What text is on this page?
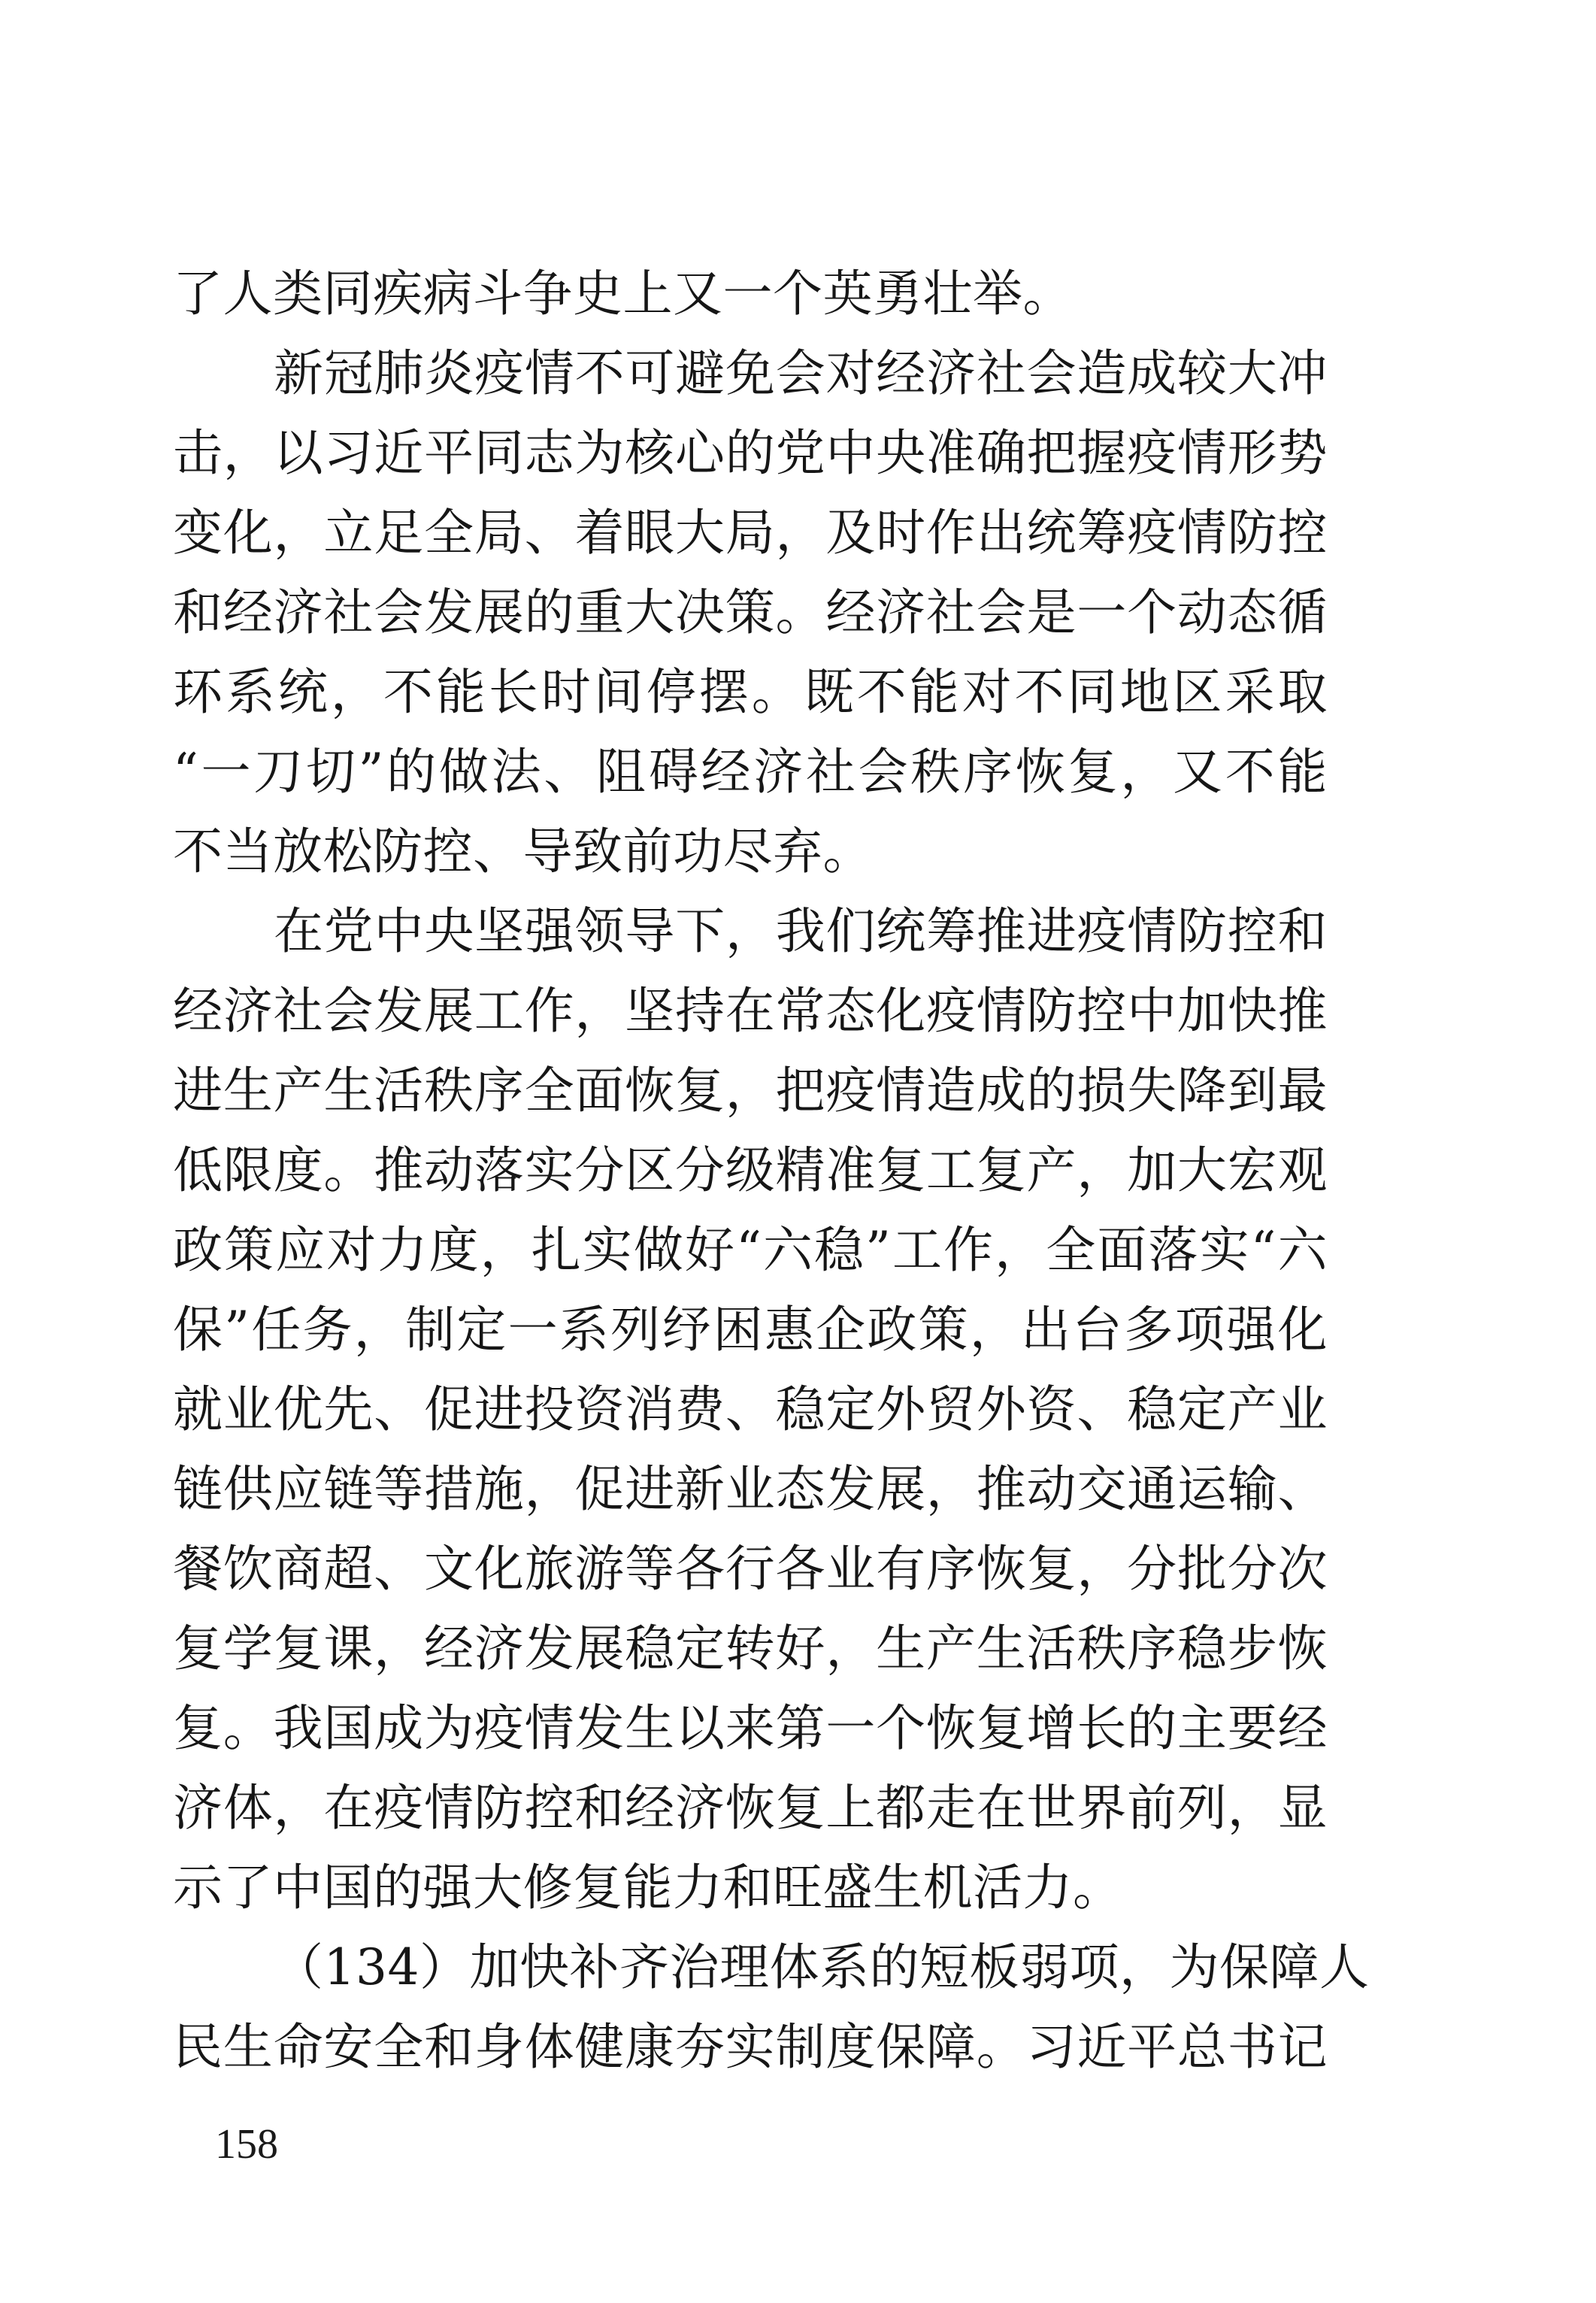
了人类同疾病斗争史上又一个英勇壮举。
新冠肺炎疫情不可避免会对经济社会造成较大冲
击，以习近平同志为核心的党中央准确把握疫情形势
变化，立足全局、着眼大局，及时作出统筹疫情防控
和经济社会发展的重大决策。经济社会是一个动态循
环系统，不能长时间停摆。既不能对不同地区采取
“一刀切”的做法、阻碍经济社会秩序恢复，又不能
不当放松防控、导致前功尽弃。
在党中央坚强领导下，我们统筹推进疫情防控和
经济社会发展工作，坚持在常态化疫情防控中加快推
进生产生活秩序全面恢复，把疫情造成的损失降到最
低限度。推动落实分区分级精准复工复产，加大宏观
政策应对力度，扎实做好“六稳”工作，全面落实“六
保”任务，制定一系列纾困惠企政策，出台多项强化
就业优先、促进投资消费、稳定外贸外资、稳定产业
链供应链等措施，促进新业态发展，推动交通运输、
餐饮商超、文化旅游等各行各业有序恢复，分批分次
复学复课，经济发展稳定转好，生产生活秩序稳步恢
复。我国成为疫情发生以来第一个恢复增长的主要经
济体，在疫情防控和经济恢复上都走在世界前列，显
示了中国的强大修复能力和旺盛生机活力。
（134）加快补齐治理体系的短板弱项，为保障人
民生命安全和身体健康夯实制度保障。习近平总书记
158
